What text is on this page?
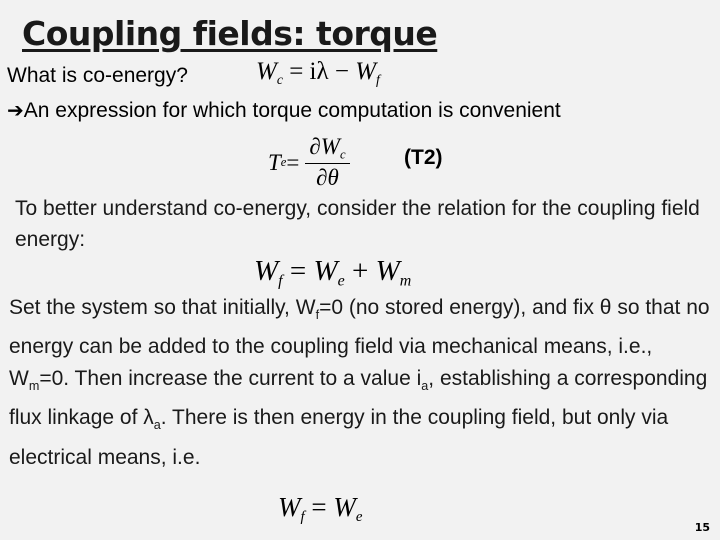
Coupling fields: torque
What is co-energy?	$W_c = i\lambda - W_f$
➔An expression for which torque computation is convenient
T $e = \frac{\partial W_c}{\partial\theta}$	(T2)
To better understand co-energy, consider the relation for the coupling field energy:
$W_f = W_e + W_m$
Set the system so that initially, $W_f=0$ (no stored energy), and fix θ so that no energy can be added to the coupling field via mechanical means, i.e., $W_m=0$. Then increase the current to a value $i_a$, establishing a corresponding flux linkage of $\lambda_a$. There is then energy in the coupling field, but only via electrical means, i.e.
$W_f = W_e$
15
